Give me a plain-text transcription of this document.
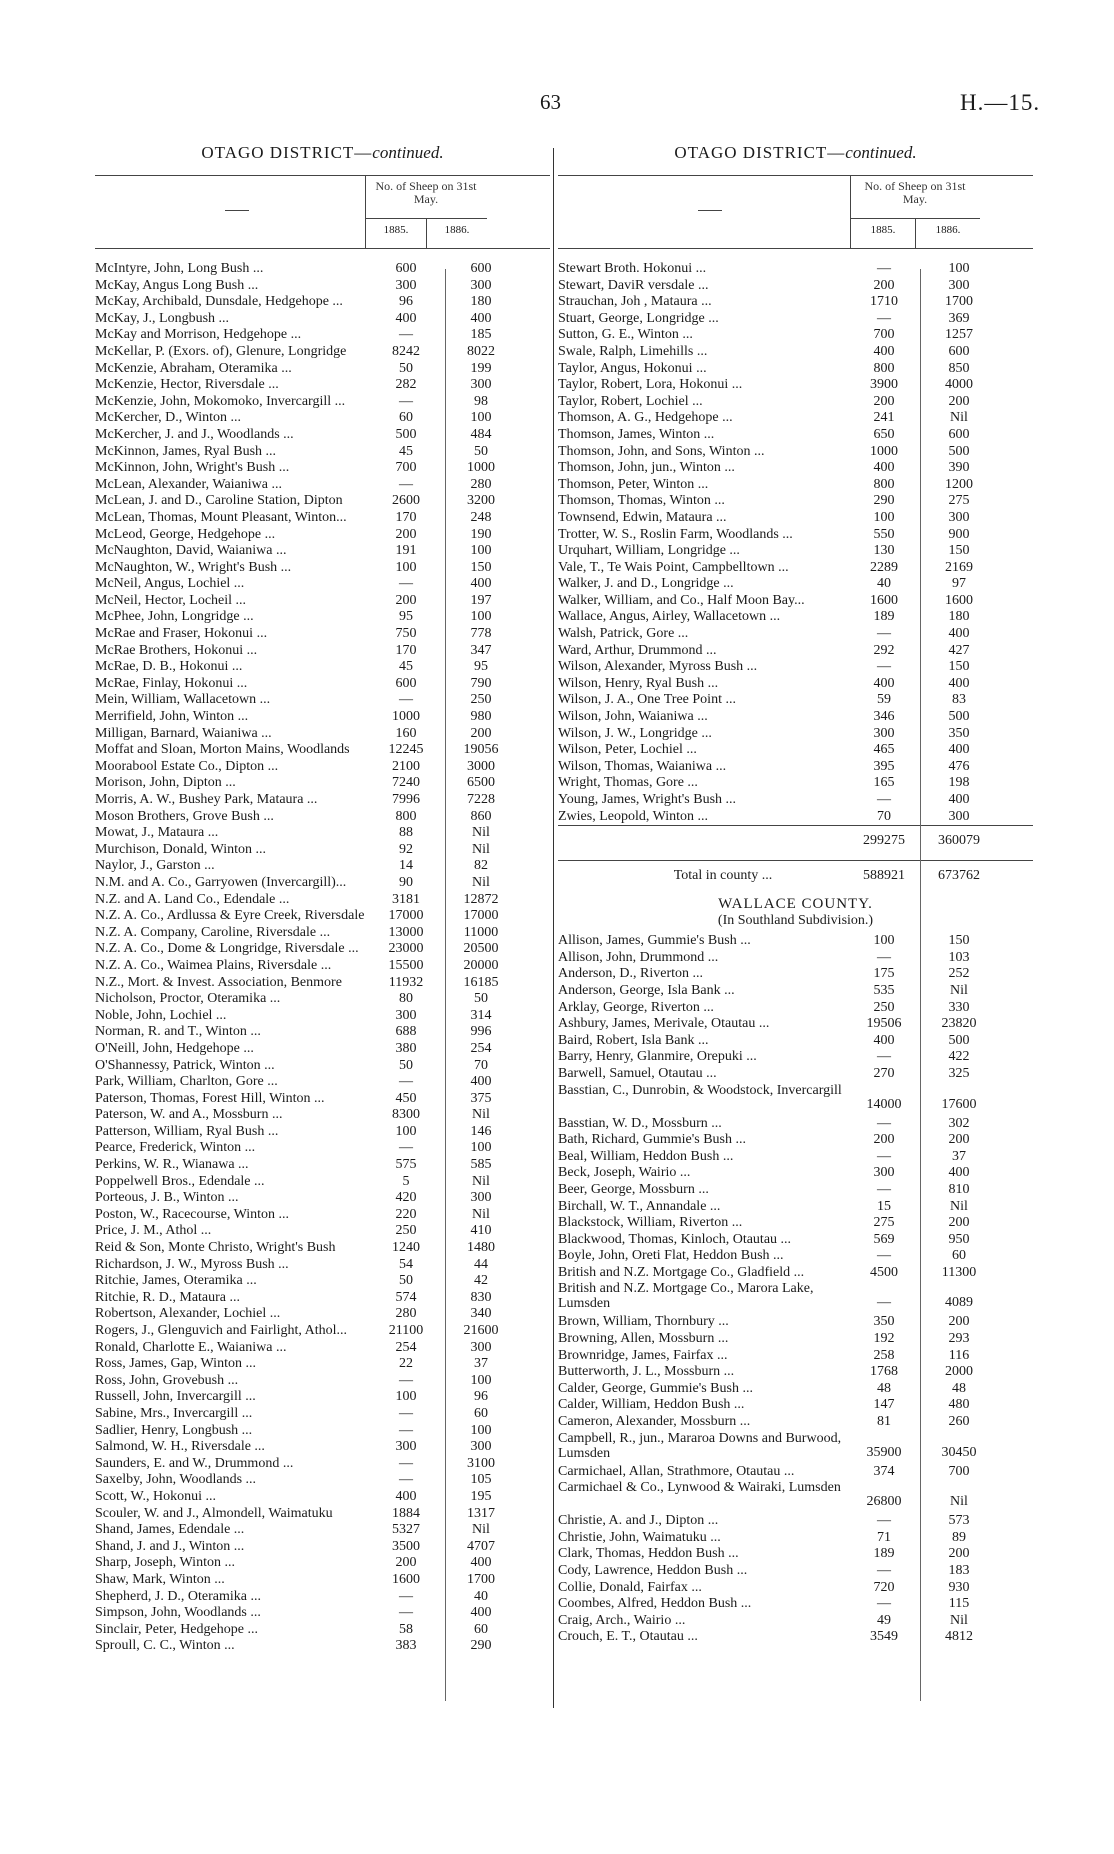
63	H.—15.
OTAGO DISTRICT—continued.
No. of Sheep on 31st May.
1885.	1886.
McIntyre, John, Long Bush ...	600	600
McKay, Angus Long Bush ...	300	300
McKay, Archibald, Dunsdale, Hedgehope ...	96	180
McKay, J., Longbush ...	400	400
McKay and Morrison, Hedgehope ...	—	185
McKellar, P. (Exors. of), Glenure, Longridge	8242	8022
McKenzie, Abraham, Oteramika ...	50	199
McKenzie, Hector, Riversdale ...	282	300
McKenzie, John, Mokomoko, Invercargill ...	—	98
McKercher, D., Winton ...	60	100
McKercher, J. and J., Woodlands ...	500	484
McKinnon, James, Ryal Bush ...	45	50
McKinnon, John, Wright's Bush ...	700	1000
McLean, Alexander, Waianiwa ...	—	280
McLean, J. and D., Caroline Station, Dipton	2600	3200
McLean, Thomas, Mount Pleasant, Winton...	170	248
McLeod, George, Hedgehope ...	200	190
McNaughton, David, Waianiwa ...	191	100
McNaughton, W., Wright's Bush ...	100	150
McNeil, Angus, Lochiel ...	—	400
McNeil, Hector, Locheil ...	200	197
McPhee, John, Longridge ...	95	100
McRae and Fraser, Hokonui ...	750	778
McRae Brothers, Hokonui ...	170	347
McRae, D. B., Hokonui ...	45	95
McRae, Finlay, Hokonui ...	600	790
Mein, William, Wallacetown ...	—	250
Merrifield, John, Winton ...	1000	980
Milligan, Barnard, Waianiwa ...	160	200
Moffat and Sloan, Morton Mains, Woodlands	12245	19056
Moorabool Estate Co., Dipton ...	2100	3000
Morison, John, Dipton ...	7240	6500
Morris, A. W., Bushey Park, Mataura ...	7996	7228
Moson Brothers, Grove Bush ...	800	860
Mowat, J., Mataura ...	88	Nil
Murchison, Donald, Winton ...	92	Nil
Naylor, J., Garston ...	14	82
N.M. and A. Co., Garryowen (Invercargill)...	90	Nil
N.Z. and A. Land Co., Edendale ...	3181	12872
N.Z. A. Co., Ardlussa & Eyre Creek, Riversdale	17000	17000
N.Z. A. Company, Caroline, Riversdale ...	13000	11000
N.Z. A. Co., Dome & Longridge, Riversdale ...	23000	20500
N.Z. A. Co., Waimea Plains, Riversdale ...	15500	20000
N.Z., Mort. & Invest. Association, Benmore	11932	16185
Nicholson, Proctor, Oteramika ...	80	50
Noble, John, Lochiel ...	300	314
Norman, R. and T., Winton ...	688	996
O'Neill, John, Hedgehope ...	380	254
O'Shannessy, Patrick, Winton ...	50	70
Park, William, Charlton, Gore ...	—	400
Paterson, Thomas, Forest Hill, Winton ...	450	375
Paterson, W. and A., Mossburn ...	8300	Nil
Patterson, William, Ryal Bush ...	100	146
Pearce, Frederick, Winton ...	—	100
Perkins, W. R., Wianawa ...	575	585
Poppelwell Bros., Edendale ...	5	Nil
Porteous, J. B., Winton ...	420	300
Poston, W., Racecourse, Winton ...	220	Nil
Price, J. M., Athol ...	250	410
Reid & Son, Monte Christo, Wright's Bush	1240	1480
Richardson, J. W., Myross Bush ...	54	44
Ritchie, James, Oteramika ...	50	42
Ritchie, R. D., Mataura ...	574	830
Robertson, Alexander, Lochiel ...	280	340
Rogers, J., Glenguvich and Fairlight, Athol...	21100	21600
Ronald, Charlotte E., Waianiwa ...	254	300
Ross, James, Gap, Winton ...	22	37
Ross, John, Grovebush ...	—	100
Russell, John, Invercargill ...	100	96
Sabine, Mrs., Invercargill ...	—	60
Sadlier, Henry, Longbush ...	—	100
Salmond, W. H., Riversdale ...	300	300
Saunders, E. and W., Drummond ...	—	3100
Saxelby, John, Woodlands ...	—	105
Scott, W., Hokonui ...	400	195
Scouler, W. and J., Almondell, Waimatuku	1884	1317
Shand, James, Edendale ...	5327	Nil
Shand, J. and J., Winton ...	3500	4707
Sharp, Joseph, Winton ...	200	400
Shaw, Mark, Winton ...	1600	1700
Shepherd, J. D., Oteramika ...	—	40
Simpson, John, Woodlands ...	—	400
Sinclair, Peter, Hedgehope ...	58	60
Sproull, C. C., Winton ...	383	290
OTAGO DISTRICT—continued.
No. of Sheep on 31st May.
1885.	1886.
Stewart Broth. Hokonui ...	—	100
Stewart, DaviR versdale ...	200	300
Strauchan, Joh , Mataura ...	1710	1700
Stuart, George, Longridge ...	—	369
Sutton, G. E., Winton ...	700	1257
Swale, Ralph, Limehills ...	400	600
Taylor, Angus, Hokonui ...	800	850
Taylor, Robert, Lora, Hokonui ...	3900	4000
Taylor, Robert, Lochiel ...	200	200
Thomson, A. G., Hedgehope ...	241	Nil
Thomson, James, Winton ...	650	600
Thomson, John, and Sons, Winton ...	1000	500
Thomson, John, jun., Winton ...	400	390
Thomson, Peter, Winton ...	800	1200
Thomson, Thomas, Winton ...	290	275
Townsend, Edwin, Mataura ...	100	300
Trotter, W. S., Roslin Farm, Woodlands ...	550	900
Urquhart, William, Longridge ...	130	150
Vale, T., Te Wais Point, Campbelltown ...	2289	2169
Walker, J. and D., Longridge ...	40	97
Walker, William, and Co., Half Moon Bay...	1600	1600
Wallace, Angus, Airley, Wallacetown ...	189	180
Walsh, Patrick, Gore ...	—	400
Ward, Arthur, Drummond ...	292	427
Wilson, Alexander, Myross Bush ...	—	150
Wilson, Henry, Ryal Bush ...	400	400
Wilson, J. A., One Tree Point ...	59	83
Wilson, John, Waianiwa ...	346	500
Wilson, J. W., Longridge ...	300	350
Wilson, Peter, Lochiel ...	465	400
Wilson, Thomas, Waianiwa ...	395	476
Wright, Thomas, Gore ...	165	198
Young, James, Wright's Bush ...	—	400
Zwies, Leopold, Winton ...	70	300
299275	360079
Total in county ...	588921	673762
WALLACE COUNTY.
(In Southland Subdivision.)
Allison, James, Gummie's Bush ...	100	150
Allison, John, Drummond ...	—	103
Anderson, D., Riverton ...	175	252
Anderson, George, Isla Bank ...	535	Nil
Arklay, George, Riverton ...	250	330
Ashbury, James, Merivale, Otautau ...	19506	23820
Baird, Robert, Isla Bank ...	400	500
Barry, Henry, Glanmire, Orepuki ...	—	422
Barwell, Samuel, Otautau ...	270	325
Basstian, C., Dunrobin, & Woodstock, Invercargill
14000	17600
Basstian, W. D., Mossburn ...	—	302
Bath, Richard, Gummie's Bush ...	200	200
Beal, William, Heddon Bush ...	—	37
Beck, Joseph, Wairio ...	300	400
Beer, George, Mossburn ...	—	810
Birchall, W. T., Annandale ...	15	Nil
Blackstock, William, Riverton ...	275	200
Blackwood, Thomas, Kinloch, Otautau ...	569	950
Boyle, John, Oreti Flat, Heddon Bush ...	—	60
British and N.Z. Mortgage Co., Gladfield ...	4500	11300
British and N.Z. Mortgage Co., Marora Lake, Lumsden	—	4089
Brown, William, Thornbury ...	350	200
Browning, Allen, Mossburn ...	192	293
Brownridge, James, Fairfax ...	258	116
Butterworth, J. L., Mossburn ...	1768	2000
Calder, George, Gummie's Bush ...	48	48
Calder, William, Heddon Bush ...	147	480
Cameron, Alexander, Mossburn ...	81	260
Campbell, R., jun., Mararoa Downs and Burwood, Lumsden	35900	30450
Carmichael, Allan, Strathmore, Otautau ...	374	700
Carmichael & Co., Lynwood & Wairaki, Lumsden
26800	Nil
Christie, A. and J., Dipton ...	—	573
Christie, John, Waimatuku ...	71	89
Clark, Thomas, Heddon Bush ...	189	200
Cody, Lawrence, Heddon Bush ...	—	183
Collie, Donald, Fairfax ...	720	930
Coombes, Alfred, Heddon Bush ...	—	115
Craig, Arch., Wairio ...	49	Nil
Crouch, E. T., Otautau ...	3549	4812
